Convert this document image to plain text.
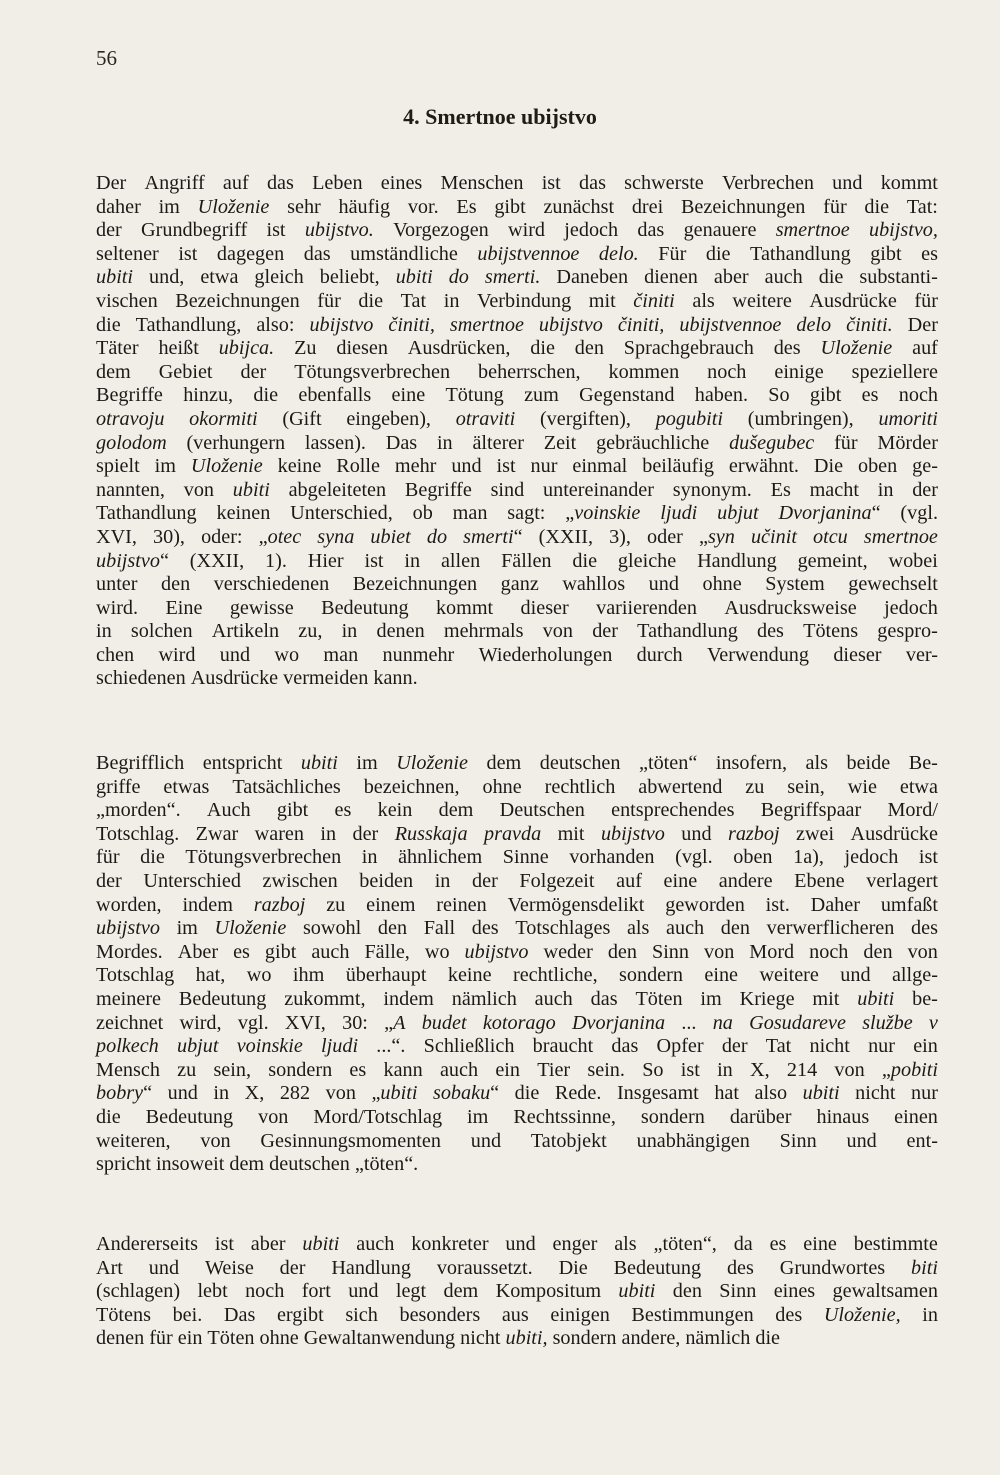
56
4. Smertnoe ubijstvo
Der Angriff auf das Leben eines Menschen ist das schwerste Verbrechen und kommt
daher im Uloženie sehr häufig vor. Es gibt zunächst drei Bezeichnungen für die Tat:
der Grundbegriff ist ubijstvo. Vorgezogen wird jedoch das genauere smertnoe ubijstvo,
seltener ist dagegen das umständliche ubijstvennoe delo. Für die Tathandlung gibt es
ubiti und, etwa gleich beliebt, ubiti do smerti. Daneben dienen aber auch die substanti-
vischen Bezeichnungen für die Tat in Verbindung mit činiti als weitere Ausdrücke für
die Tathandlung, also: ubijstvo činiti, smertnoe ubijstvo činiti, ubijstvennoe delo činiti. Der
Täter heißt ubijca. Zu diesen Ausdrücken, die den Sprachgebrauch des Uloženie auf
dem Gebiet der Tötungsverbrechen beherrschen, kommen noch einige speziellere
Begriffe hinzu, die ebenfalls eine Tötung zum Gegenstand haben. So gibt es noch
otravoju okormiti (Gift eingeben), otraviti (vergiften), pogubiti (umbringen), umoriti
golodom (verhungern lassen). Das in älterer Zeit gebräuchliche dušegubec für Mörder
spielt im Uloženie keine Rolle mehr und ist nur einmal beiläufig erwähnt. Die oben ge-
nannten, von ubiti abgeleiteten Begriffe sind untereinander synonym. Es macht in der
Tathandlung keinen Unterschied, ob man sagt: „voinskie ljudi ubjut Dvorjanina“ (vgl.
XVI, 30), oder: „otec syna ubiet do smerti“ (XXII, 3), oder „syn učinit otcu smertnoe
ubijstvo“ (XXII, 1). Hier ist in allen Fällen die gleiche Handlung gemeint, wobei
unter den verschiedenen Bezeichnungen ganz wahllos und ohne System gewechselt
wird. Eine gewisse Bedeutung kommt dieser variierenden Ausdrucksweise jedoch
in solchen Artikeln zu, in denen mehrmals von der Tathandlung des Tötens gespro-
chen wird und wo man nunmehr Wiederholungen durch Verwendung dieser ver-
schiedenen Ausdrücke vermeiden kann.
Begrifflich entspricht ubiti im Uloženie dem deutschen „töten“ insofern, als beide Be-
griffe etwas Tatsächliches bezeichnen, ohne rechtlich abwertend zu sein, wie etwa
„morden“. Auch gibt es kein dem Deutschen entsprechendes Begriffspaar Mord/
Totschlag. Zwar waren in der Russkaja pravda mit ubijstvo und razboj zwei Ausdrücke
für die Tötungsverbrechen in ähnlichem Sinne vorhanden (vgl. oben 1a), jedoch ist
der Unterschied zwischen beiden in der Folgezeit auf eine andere Ebene verlagert
worden, indem razboj zu einem reinen Vermögensdelikt geworden ist. Daher umfaßt
ubijstvo im Uloženie sowohl den Fall des Totschlages als auch den verwerflicheren des
Mordes. Aber es gibt auch Fälle, wo ubijstvo weder den Sinn von Mord noch den von
Totschlag hat, wo ihm überhaupt keine rechtliche, sondern eine weitere und allge-
meinere Bedeutung zukommt, indem nämlich auch das Töten im Kriege mit ubiti be-
zeichnet wird, vgl. XVI, 30: „A budet kotorago Dvorjanina ... na Gosudareve službe v
polkech ubjut voinskie ljudi ...“. Schließlich braucht das Opfer der Tat nicht nur ein
Mensch zu sein, sondern es kann auch ein Tier sein. So ist in X, 214 von „pobiti
bobry“ und in X, 282 von „ubiti sobaku“ die Rede. Insgesamt hat also ubiti nicht nur
die Bedeutung von Mord/Totschlag im Rechtssinne, sondern darüber hinaus einen
weiteren, von Gesinnungsmomenten und Tatobjekt unabhängigen Sinn und ent-
spricht insoweit dem deutschen „töten“.
Andererseits ist aber ubiti auch konkreter und enger als „töten“, da es eine bestimmte
Art und Weise der Handlung voraussetzt. Die Bedeutung des Grundwortes biti
(schlagen) lebt noch fort und legt dem Kompositum ubiti den Sinn eines gewaltsamen
Tötens bei. Das ergibt sich besonders aus einigen Bestimmungen des Uloženie, in
denen für ein Töten ohne Gewaltanwendung nicht ubiti, sondern andere, nämlich die
